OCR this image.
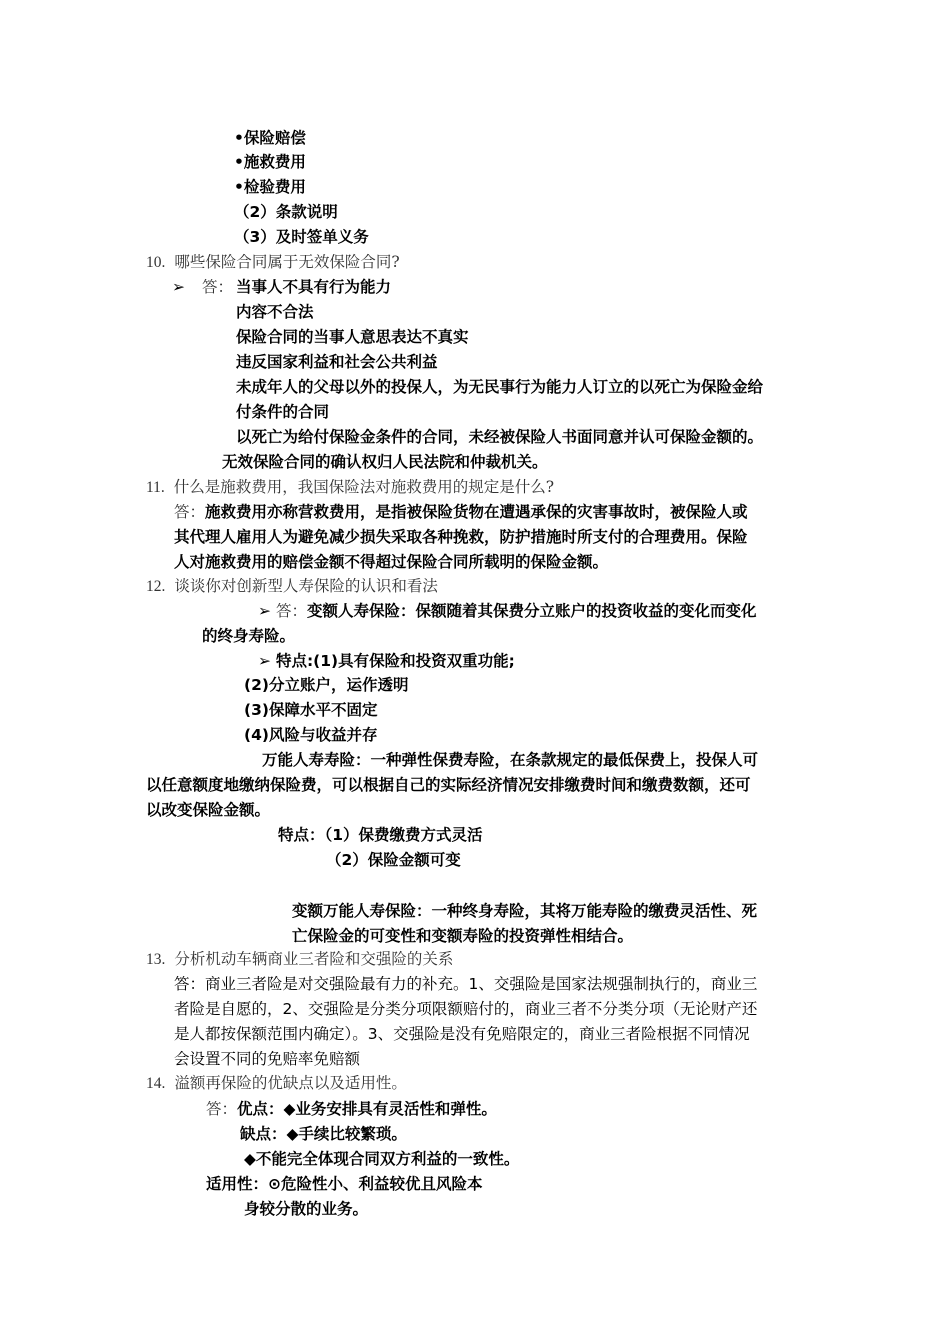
•保险赔偿
•施救费用
•检验费用
（2）条款说明
（3）及时签单义务
10. 哪些保险合同属于无效保险合同?
➢ 答： 当事人不具有行为能力
内容不合法
保险合同的当事人意思表达不真实
违反国家利益和社会公共利益
未成年人的父母以外的投保人，为无民事行为能力人订立的以死亡为保险金给
付条件的合同
以死亡为给付保险金条件的合同，未经被保险人书面同意并认可保险金额的。
无效保险合同的确认权归人民法院和仲裁机关。
11. 什么是施救费用，我国保险法对施救费用的规定是什么?
答：施救费用亦称营救费用，是指被保险货物在遭遇承保的灾害事故时，被保险人或
其代理人雇用人为避免减少损失采取各种挽救，防护措施时所支付的合理费用。保险
人对施救费用的赔偿金额不得超过保险合同所载明的保险金额。
12. 谈谈你对创新型人寿保险的认识和看法
➢ 答：变额人寿保险：保额随着其保费分立账户的投资收益的变化而变化
的终身寿险。
➢ 特点:(1)具有保险和投资双重功能;
(2)分立账户，运作透明
(3)保障水平不固定
(4)风险与收益并存
万能人寿寿险：一种弹性保费寿险，在条款规定的最低保费上，投保人可
以任意额度地缴纳保险费，可以根据自己的实际经济情况安排缴费时间和缴费数额，还可
以改变保险金额。
特点：（1）保费缴费方式灵活
（2）保险金额可变
变额万能人寿保险：一种终身寿险，其将万能寿险的缴费灵活性、死
亡保险金的可变性和变额寿险的投资弹性相结合。
13. 分析机动车辆商业三者险和交强险的关系
答：商业三者险是对交强险最有力的补充。1、交强险是国家法规强制执行的，商业三
者险是自愿的，2、交强险是分类分项限额赔付的，商业三者不分类分项（无论财产还
是人都按保额范围内确定）。3、交强险是没有免赔限定的，商业三者险根据不同情况
会设置不同的免赔率免赔额
14. 溢额再保险的优缺点以及适用性。
答：优点：◆业务安排具有灵活性和弹性。
缺点：◆手续比较繁琐。
◆不能完全体现合同双方利益的一致性。
适用性：⊙危险性小、利益较优且风险本
身较分散的业务。
